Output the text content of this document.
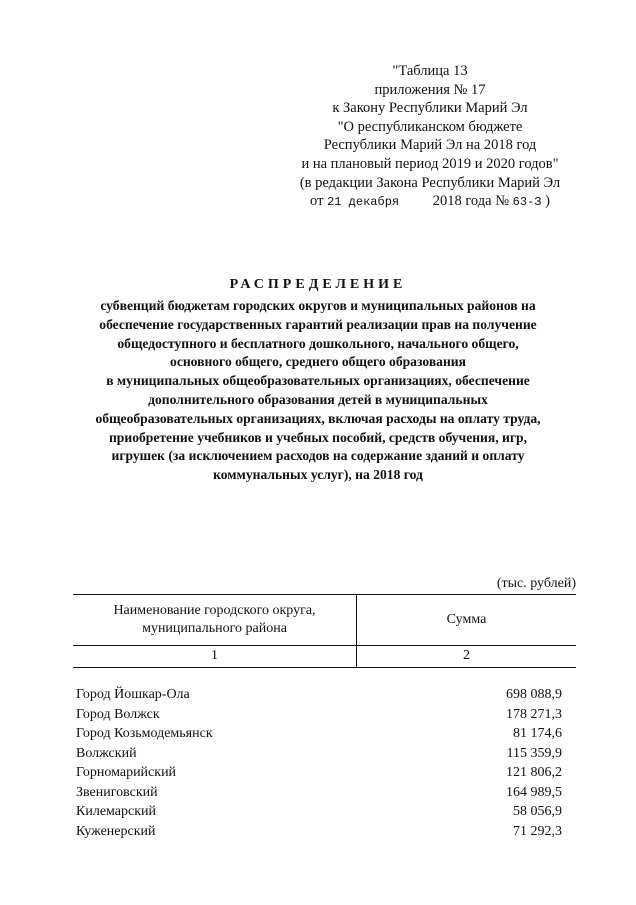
"Таблица 13
приложения № 17
к Закону Республики Марий Эл
"О республиканском бюджете
Республики Марий Эл на 2018 год
и на плановый период 2019 и 2020 годов"
(в редакции Закона Республики Марий Эл
от 21 декабря 2018 года № 63-З )
РАСПРЕДЕЛЕНИЕ
субвенций бюджетам городских округов и муниципальных районов на
обеспечение государственных гарантий реализации прав на получение
общедоступного и бесплатного дошкольного, начального общего,
основного общего, среднего общего образования
в муниципальных общеобразовательных организациях, обеспечение
дополнительного образования детей в муниципальных
общеобразовательных организациях, включая расходы на оплату труда,
приобретение учебников и учебных пособий, средств обучения, игр,
игрушек (за исключением расходов на содержание зданий и оплату
коммунальных услуг), на 2018 год
(тыс. рублей)
Наименование городского округа,
муниципального района
Сумма
1	2
Город Йошкар-Ола	698 088,9
Город Волжск	178 271,3
Город Козьмодемьянск	81 174,6
Волжский	115 359,9
Горномарийский	121 806,2
Звениговский	164 989,5
Килемарский	58 056,9
Куженерский	71 292,3
